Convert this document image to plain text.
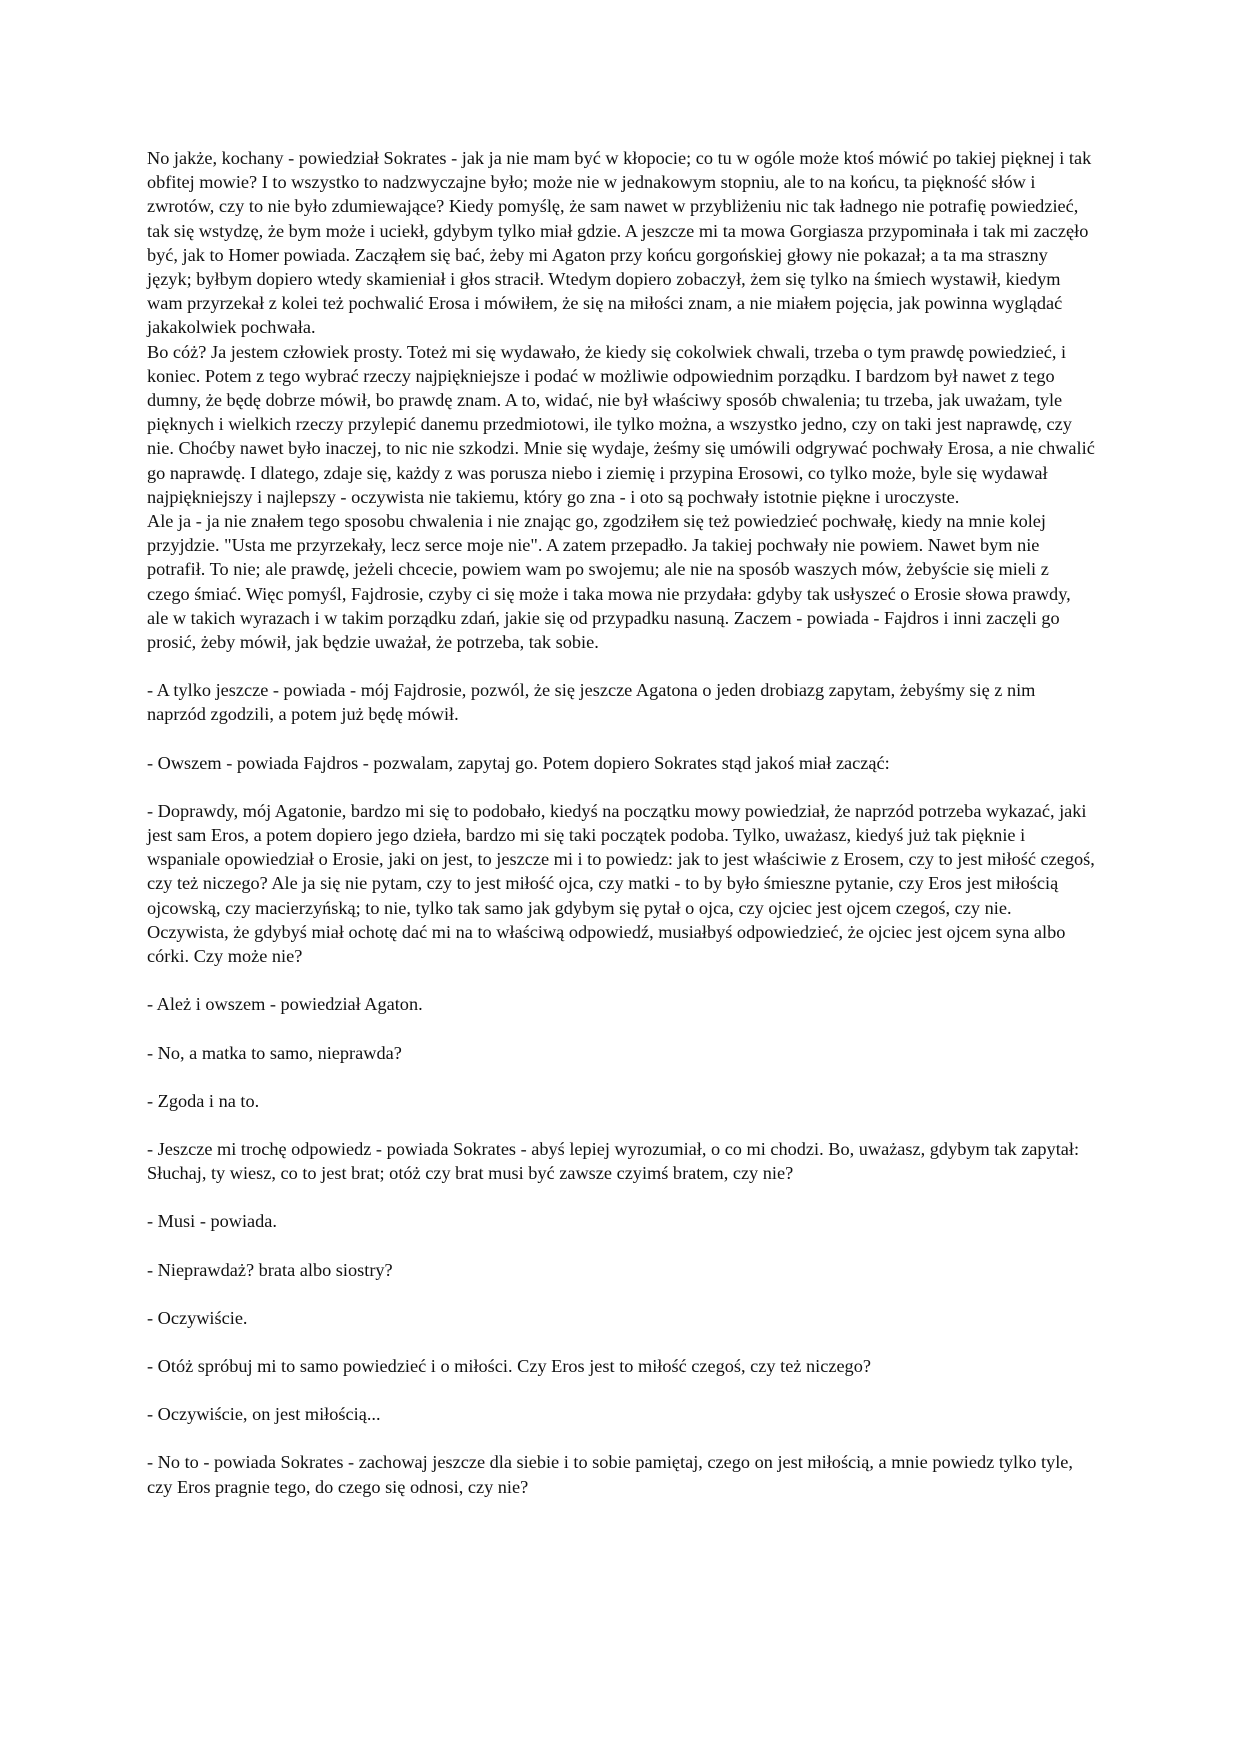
No jakże, kochany - powiedział Sokrates - jak ja nie mam być w kłopocie; co tu w ogóle może ktoś mówić po takiej pięknej i tak obfitej mowie? I to wszystko to nadzwyczajne było; może nie w jednakowym stopniu, ale to na końcu, ta piękność słów i zwrotów, czy to nie było zdumiewające? Kiedy pomyślę, że sam nawet w przybliżeniu nic tak ładnego nie potrafię powiedzieć, tak się wstydzę, że bym może i uciekł, gdybym tylko miał gdzie. A jeszcze mi ta mowa Gorgiasza przypominała i tak mi zaczęło być, jak to Homer powiada. Zacząłem się bać, żeby mi Agaton przy końcu gorgońskiej głowy nie pokazał; a ta ma straszny język; byłbym dopiero wtedy skamieniał i głos stracił. Wtedym dopiero zobaczył, żem się tylko na śmiech wystawił, kiedym wam przyrzekał z kolei też pochwalić Erosa i mówiłem, że się na miłości znam, a nie miałem pojęcia, jak powinna wyglądać jakakolwiek pochwała.

Bo cóż? Ja jestem człowiek prosty. Toteż mi się wydawało, że kiedy się cokolwiek chwali, trzeba o tym prawdę powiedzieć, i koniec. Potem z tego wybrać rzeczy najpiękniejsze i podać w możliwie odpowiednim porządku. I bardzom był nawet z tego dumny, że będę dobrze mówił, bo prawdę znam. A to, widać, nie był właściwy sposób chwalenia; tu trzeba, jak uważam, tyle pięknych i wielkich rzeczy przylepić danemu przedmiotowi, ile tylko można, a wszystko jedno, czy on taki jest naprawdę, czy nie. Choćby nawet było inaczej, to nic nie szkodzi. Mnie się wydaje, żeśmy się umówili odgrywać pochwały Erosa, a nie chwalić go naprawdę. I dlatego, zdaje się, każdy z was porusza niebo i ziemię i przypina Erosowi, co tylko może, byle się wydawał najpiękniejszy i najlepszy - oczywista nie takiemu, który go zna - i oto są pochwały istotnie piękne i uroczyste.

Ale ja - ja nie znałem tego sposobu chwalenia i nie znając go, zgodziłem się też powiedzieć pochwałę, kiedy na mnie kolej przyjdzie. "Usta me przyrzekały, lecz serce moje nie". A zatem przepadło. Ja takiej pochwały nie powiem. Nawet bym nie potrafił. To nie; ale prawdę, jeżeli chcecie, powiem wam po swojemu; ale nie na sposób waszych mów, żebyście się mieli z czego śmiać. Więc pomyśl, Fajdrosie, czyby ci się może i taka mowa nie przydała: gdyby tak usłyszeć o Erosie słowa prawdy, ale w takich wyrazach i w takim porządku zdań, jakie się od przypadku nasuną. Zaczem - powiada - Fajdros i inni zaczęli go prosić, żeby mówił, jak będzie uważał, że potrzeba, tak sobie.

- A tylko jeszcze - powiada - mój Fajdrosie, pozwól, że się jeszcze Agatona o jeden drobiazg zapytam, żebyśmy się z nim naprzód zgodzili, a potem już będę mówił.

- Owszem - powiada Fajdros - pozwalam, zapytaj go. Potem dopiero Sokrates stąd jakoś miał zacząć:

- Doprawdy, mój Agatonie, bardzo mi się to podobało, kiedyś na początku mowy powiedział, że naprzód potrzeba wykazać, jaki jest sam Eros, a potem dopiero jego dzieła, bardzo mi się taki początek podoba. Tylko, uważasz, kiedyś już tak pięknie i wspaniale opowiedział o Erosie, jaki on jest, to jeszcze mi i to powiedz: jak to jest właściwie z Erosem, czy to jest miłość czegoś, czy też niczego? Ale ja się nie pytam, czy to jest miłość ojca, czy matki - to by było śmieszne pytanie, czy Eros jest miłością ojcowską, czy macierzyńską; to nie, tylko tak samo jak gdybym się pytał o ojca, czy ojciec jest ojcem czegoś, czy nie. Oczywista, że gdybyś miał ochotę dać mi na to właściwą odpowiedź, musiałbyś odpowiedzieć, że ojciec jest ojcem syna albo córki. Czy może nie?

- Ależ i owszem - powiedział Agaton.

- No, a matka to samo, nieprawda?

- Zgoda i na to.

- Jeszcze mi trochę odpowiedz - powiada Sokrates - abyś lepiej wyrozumiał, o co mi chodzi. Bo, uważasz, gdybym tak zapytał: Słuchaj, ty wiesz, co to jest brat; otóż czy brat musi być zawsze czyimś bratem, czy nie?

- Musi - powiada.

- Nieprawdaż? brata albo siostry?

- Oczywiście.

- Otóż spróbuj mi to samo powiedzieć i o miłości. Czy Eros jest to miłość czegoś, czy też niczego?

- Oczywiście, on jest miłością...

- No to - powiada Sokrates - zachowaj jeszcze dla siebie i to sobie pamiętaj, czego on jest miłością, a mnie powiedz tylko tyle, czy Eros pragnie tego, do czego się odnosi, czy nie?
